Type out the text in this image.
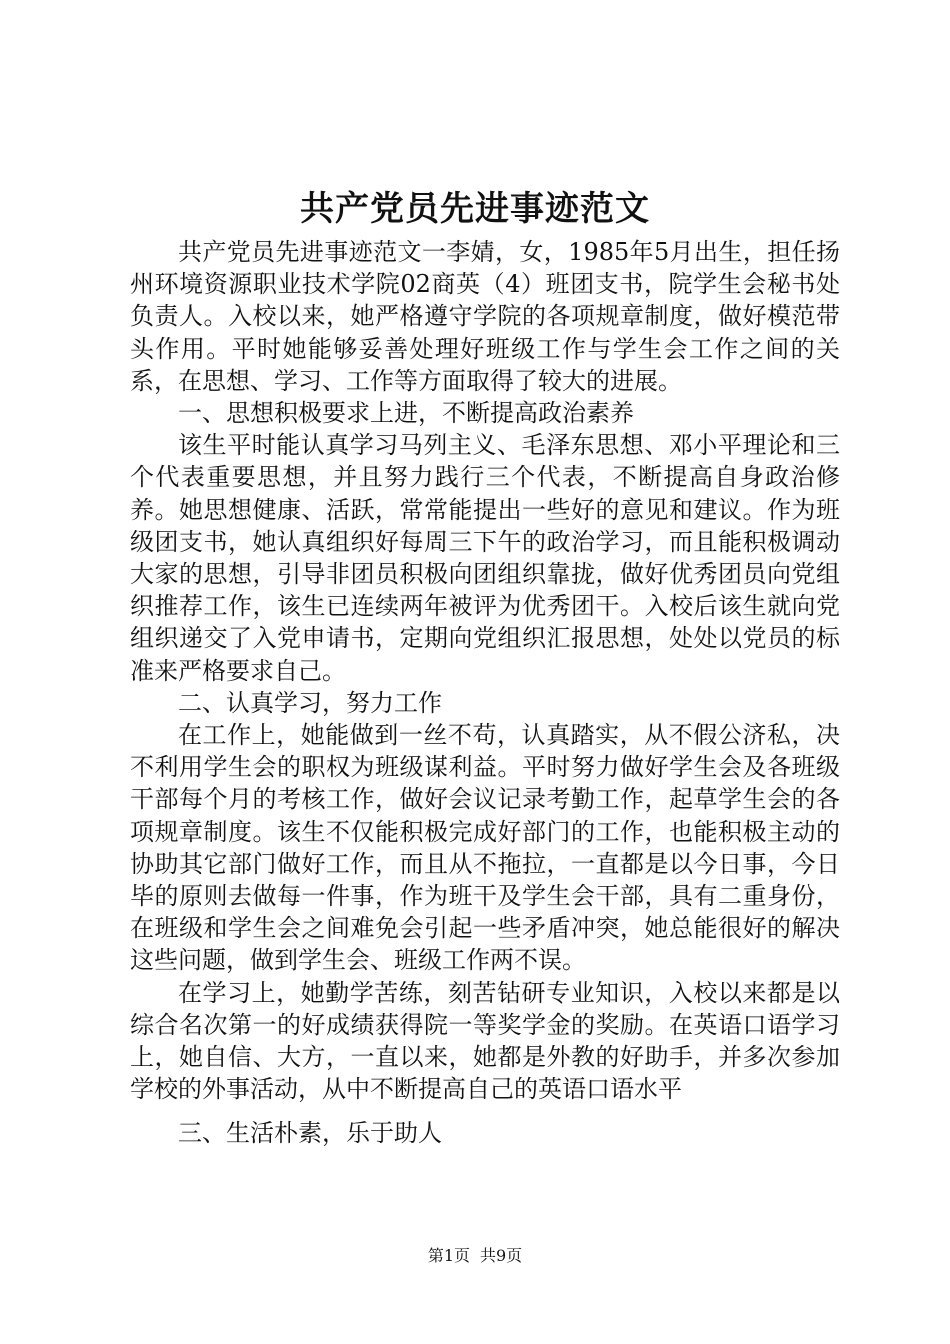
共产党员先进事迹范文

共产党员先进事迹范文一李婧，女，1985年5月出生，担任扬州环境资源职业技术学院02商英（4）班团支书，院学生会秘书处负责人。入校以来，她严格遵守学院的各项规章制度，做好模范带头作用。平时她能够妥善处理好班级工作与学生会工作之间的关系，在思想、学习、工作等方面取得了较大的进展。

一、思想积极要求上进，不断提高政治素养

该生平时能认真学习马列主义、毛泽东思想、邓小平理论和三个代表重要思想，并且努力践行三个代表，不断提高自身政治修养。她思想健康、活跃，常常能提出一些好的意见和建议。作为班级团支书，她认真组织好每周三下午的政治学习，而且能积极调动大家的思想，引导非团员积极向团组织靠拢，做好优秀团员向党组织推荐工作，该生已连续两年被评为优秀团干。入校后该生就向党组织递交了入党申请书，定期向党组织汇报思想，处处以党员的标准来严格要求自己。

二、认真学习，努力工作

在工作上，她能做到一丝不苟，认真踏实，从不假公济私，决不利用学生会的职权为班级谋利益。平时努力做好学生会及各班级干部每个月的考核工作，做好会议记录考勤工作，起草学生会的各项规章制度。该生不仅能积极完成好部门的工作，也能积极主动的协助其它部门做好工作，而且从不拖拉，一直都是以今日事，今日毕的原则去做每一件事，作为班干及学生会干部，具有二重身份，在班级和学生会之间难免会引起一些矛盾冲突，她总能很好的解决这些问题，做到学生会、班级工作两不误。

在学习上，她勤学苦练，刻苦钻研专业知识，入校以来都是以综合名次第一的好成绩获得院一等奖学金的奖励。在英语口语学习上，她自信、大方，一直以来，她都是外教的好助手，并多次参加学校的外事活动，从中不断提高自己的英语口语水平

三、生活朴素，乐于助人

第1页 共9页
